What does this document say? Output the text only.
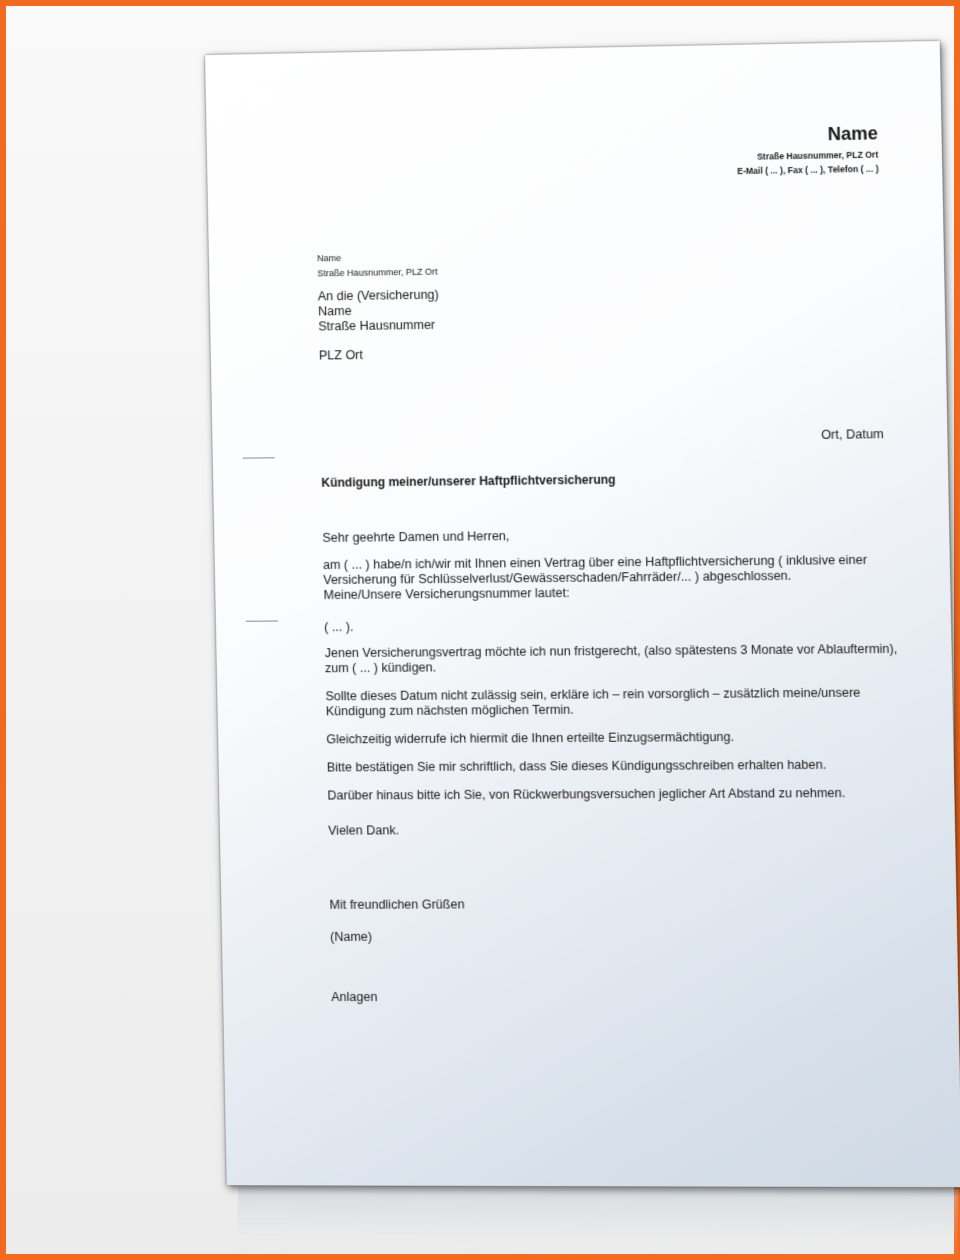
Name
Straße Hausnummer, PLZ Ort
E-Mail ( ... ), Fax ( ... ), Telefon ( ... )
Name
Straße Hausnummer, PLZ Ort
An die (Versicherung)
Name
Straße Hausnummer
PLZ Ort
Ort, Datum
Kündigung meiner/unserer Haftpflichtversicherung
Sehr geehrte Damen und Herren,
am ( ... ) habe/n ich/wir mit Ihnen einen Vertrag über eine Haftpflichtversicherung ( inklusive einer
Versicherung für Schlüsselverlust/Gewässerschaden/Fahrräder/... ) abgeschlossen.
Meine/Unsere Versicherungsnummer lautet:
( ... ).
Jenen Versicherungsvertrag möchte ich nun fristgerecht, (also spätestens 3 Monate vor Ablauftermin),
zum ( ... ) kündigen.
Sollte dieses Datum nicht zulässig sein, erkläre ich – rein vorsorglich – zusätzlich meine/unsere
Kündigung zum nächsten möglichen Termin.
Gleichzeitig widerrufe ich hiermit die Ihnen erteilte Einzugsermächtigung.
Bitte bestätigen Sie mir schriftlich, dass Sie dieses Kündigungsschreiben erhalten haben.
Darüber hinaus bitte ich Sie, von Rückwerbungsversuchen jeglicher Art Abstand zu nehmen.
Vielen Dank.
Mit freundlichen Grüßen
(Name)
Anlagen
